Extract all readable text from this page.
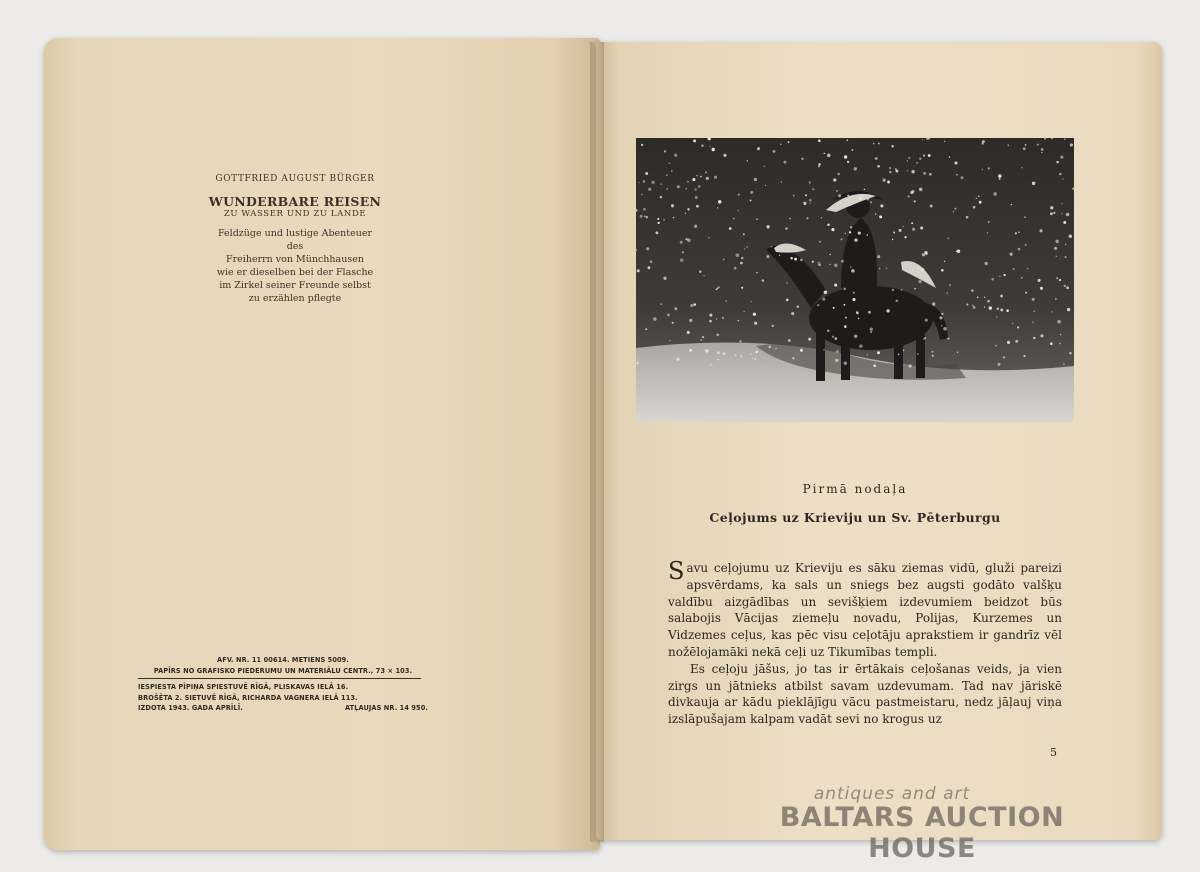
GOTTFRIED AUGUST BÜRGER
WUNDERBARE REISEN
ZU WASSER UND ZU LANDE
Feldzüge und lustige Abenteuer
des
Freiherrn von Münchhausen
wie er dieselben bei der Flasche
im Zirkel seiner Freunde selbst
zu erzählen pflegte
AFV. NR. 11 00614. METIENS 5009.
PAPĪRS NO GRAFISKO PIEDERUMU UN MATERIĀLU CENTR., 73 × 103.
IESPIESTA PĪPIŅA SPIESTUVĒ RĪGĀ, PLISKAVAS IELĀ 16.
BROŠĒTA 2. SIETUVĒ RĪGĀ, RICHARDA VAGNERA IELĀ 113.
IZDOTA 1943. GADA APRĪLĪ.	ATĻAUJAS NR. 14 950.
Pirmā nodaļa
Ceļojums uz Krieviju un Sv. Pēterburgu

Savu ceļojumu uz Krieviju es sāku ziemas vidū, gluži pareizi apsvērdams, ka sals un sniegs bez augsti godāto valšķu valdību aizgādības un sevišķiem izdevumiem beidzot būs salabojis Vācijas ziemeļu novadu, Polijas, Kurzemes un Vidzemes ceļus, kas pēc visu ceļotāju aprakstiem ir gandrīz vēl nožēlojamāki nekā ceļi uz Tikumības templi.

Es ceļoju jāšus, jo tas ir ērtākais ceļošanas veids, ja vien zirgs un jātnieks atbilst savam uzdevumam. Tad nav jāriskē divkauja ar kādu pieklājīgu vācu pastmeistaru, nedz jāļauj viņa izslāpušajam kalpam vadāt sevi no krogus uz

5
antiques and art
BALTARS AUCTION HOUSE
